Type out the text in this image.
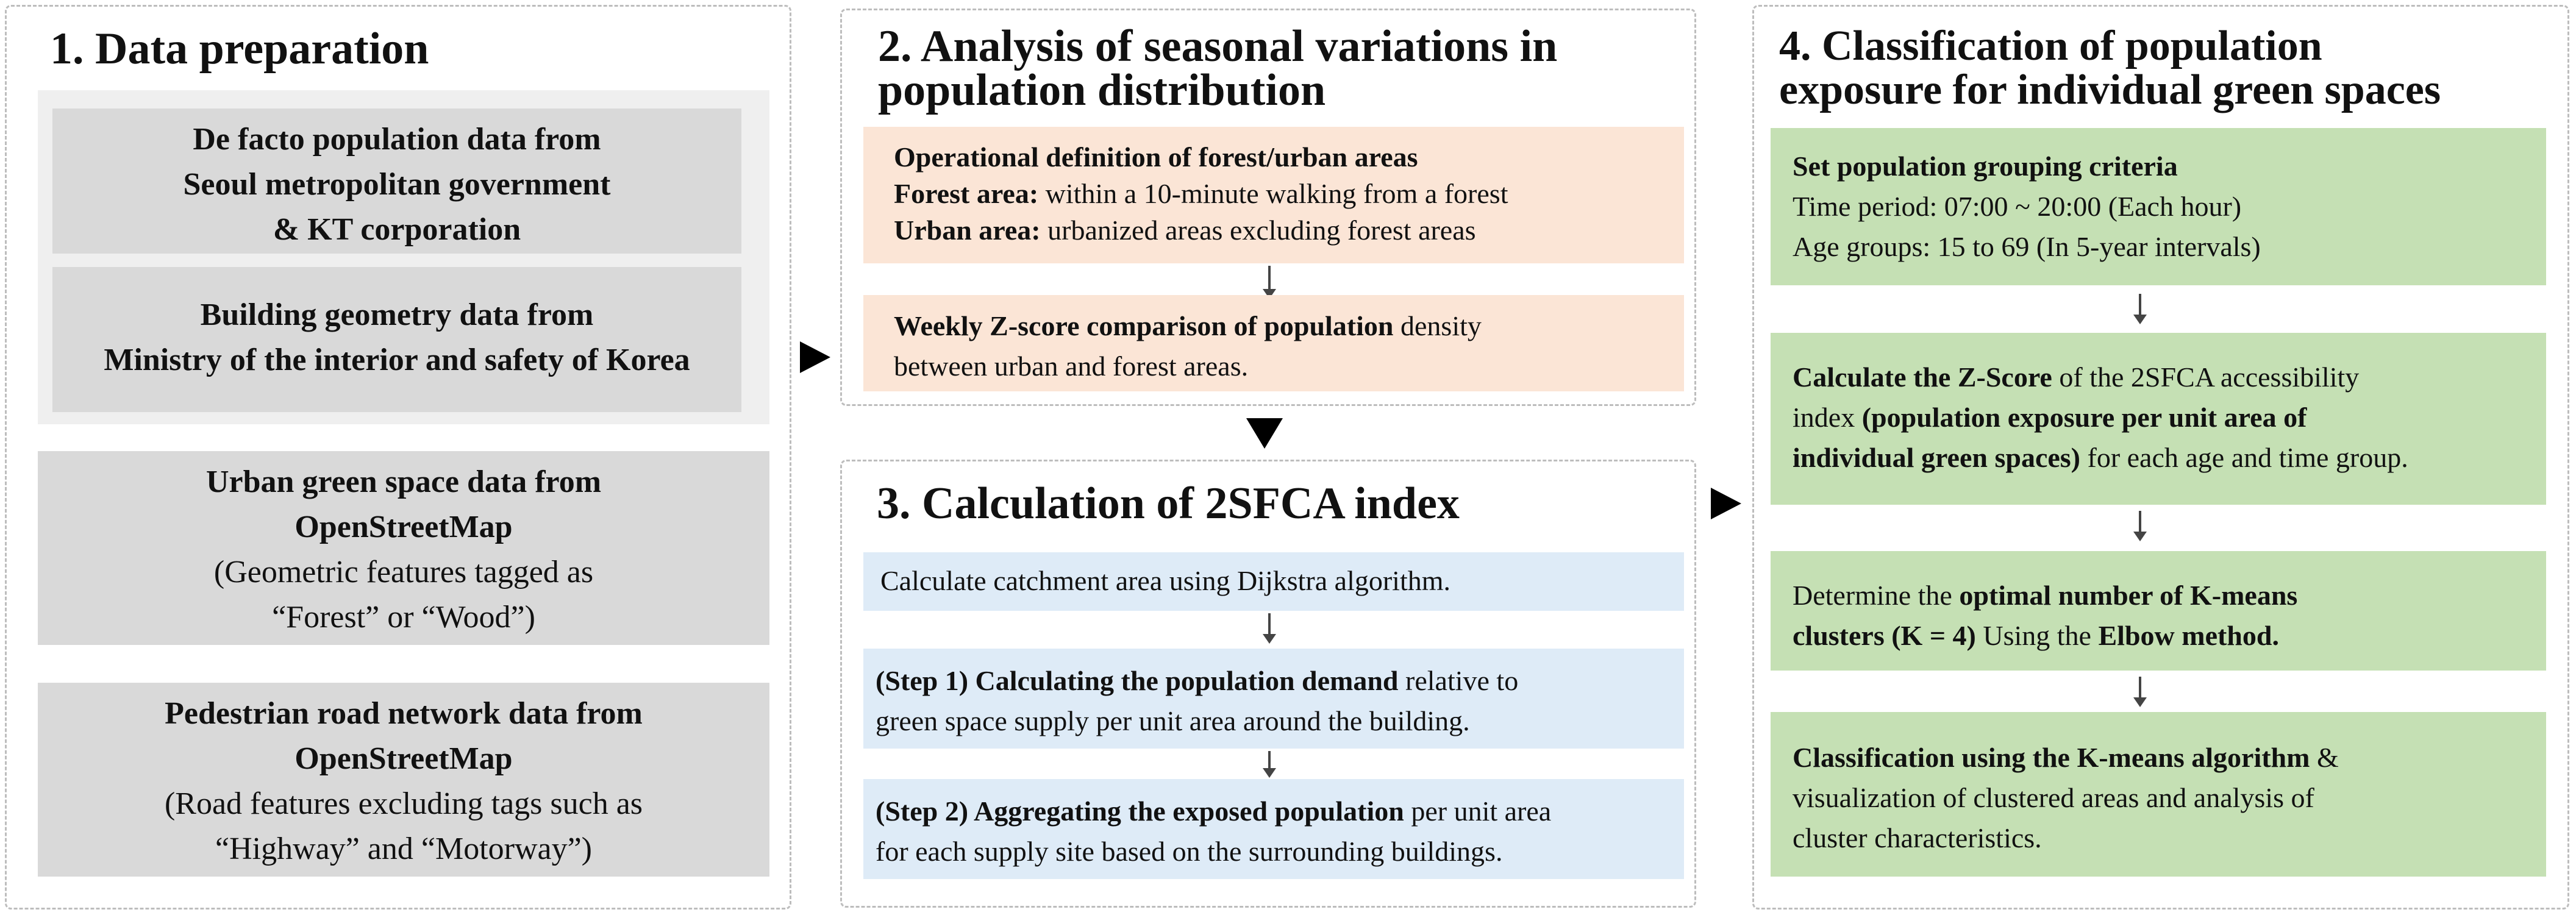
1. Data preparation
De facto population data from
Seoul metropolitan government
& KT corporation
Building geometry data from
Ministry of the interior and safety of Korea
Urban green space data from
OpenStreetMap
(Geometric features tagged as
“Forest” or “Wood”)
Pedestrian road network data from
OpenStreetMap
(Road features excluding tags such as
“Highway” and “Motorway”)
2. Analysis of seasonal variations in
population distribution
Operational definition of forest/urban areas
Forest area: within a 10-minute walking from a forest
Urban area: urbanized areas excluding forest areas
Weekly Z-score comparison of population density
between urban and forest areas.
3. Calculation of 2SFCA index
Calculate catchment area using Dijkstra algorithm.
(Step 1) Calculating the population demand relative to
green space supply per unit area around the building.
(Step 2) Aggregating the exposed population per unit area
for each supply site based on the surrounding buildings.
4. Classification of population
exposure for individual green spaces
Set population grouping criteria
Time period: 07:00 ~ 20:00 (Each hour)
Age groups: 15 to 69 (In 5-year intervals)
Calculate the Z-Score of the 2SFCA accessibility
index (population exposure per unit area of
individual green spaces) for each age and time group.
Determine the optimal number of K-means
clusters (K = 4) Using the Elbow method.
Classification using the K-means algorithm &
visualization of clustered areas and analysis of
cluster characteristics.
